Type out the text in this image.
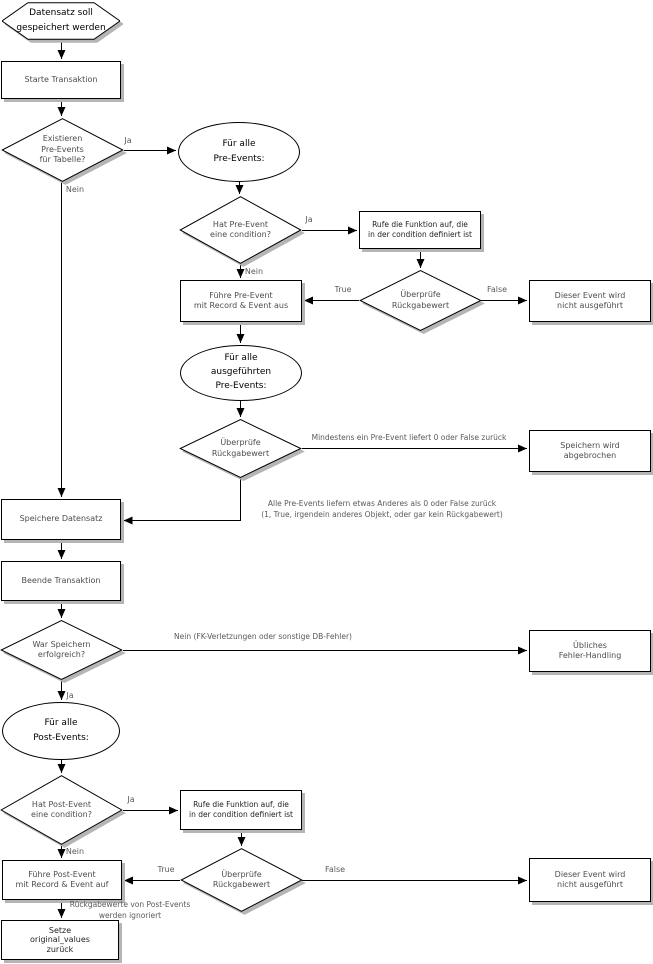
Datensatz soll
gespeichert werden
Starte Transaktion
Existieren
Pre-Events
für Tabelle?
Für alle
Pre-Events:
Hat Pre-Event
eine condition?
Rufe die Funktion auf, die
in der condition definiert ist
Überprüfe
Rückgabewert
Führe Pre-Event
mit Record & Event aus
Dieser Event wird
nicht ausgeführt
Für alle
ausgeführten
Pre-Events:
Überprüfe
Rückgabewert
Speichern wird
abgebrochen
Speichere Datensatz
Beende Transaktion
War Speichern
erfolgreich?
Übliches
Fehler-Handling
Für alle
Post-Events:
Hat Post-Event
eine condition?
Rufe die Funktion auf, die
in der condition definiert ist
Überprüfe
Rückgabewert
Führe Post-Event
mit Record & Event auf
Dieser Event wird
nicht ausgeführt
Setze
original_values
zurück
Ja
Nein
Ja
Nein
True	False
Mindestens ein Pre-Event liefert 0 oder False zurück
Alle Pre-Events liefern etwas Anderes als 0 oder False zurück
(1, True, irgendein anderes Objekt, oder gar kein Rückgabewert)
Nein (FK-Verletzungen oder sonstige DB-Fehler)
Ja
Ja
Nein
True	False
Rückgabewerte von Post-Events
werden ignoriert
